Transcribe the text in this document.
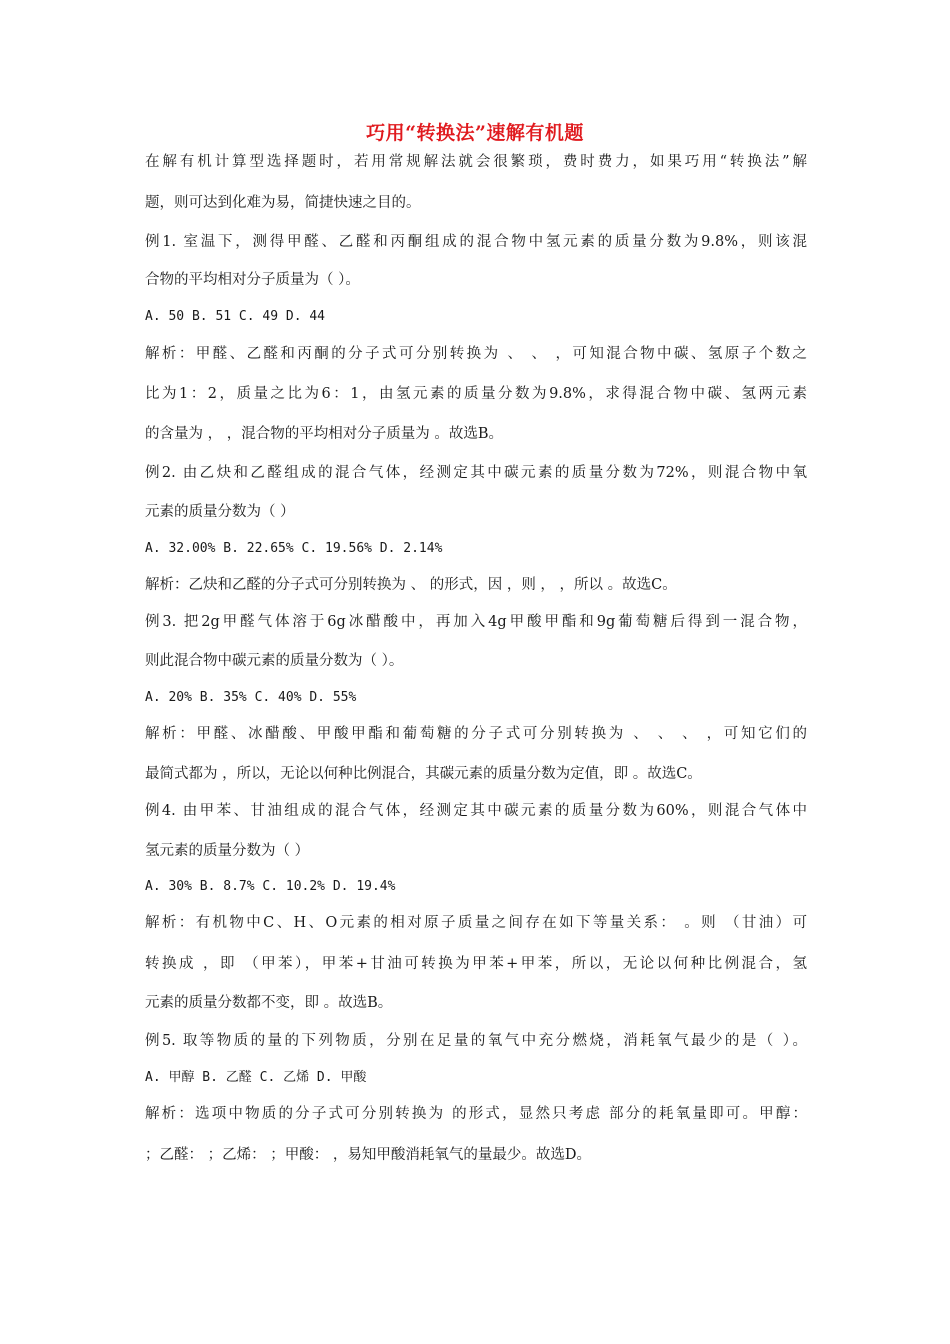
巧用“转换法”速解有机题
在解有机计算型选择题时，若用常规解法就会很繁琐，费时费力，如果巧用“转换法”解
题，则可达到化难为易，简捷快速之目的。
例1. 室温下，测得甲醛、乙醛和丙酮组成的混合物中氢元素的质量分数为9.8%，则该混
合物的平均相对分子质量为（ ）。
A. 50 B. 51 C. 49 D. 44
解析：甲醛、乙醛和丙酮的分子式可分别转换为 、 、 ，可知混合物中碳、氢原子个数之
比为1：2，质量之比为6：1，由氢元素的质量分数为9.8%，求得混合物中碳、氢两元素
的含量为 ， ，混合物的平均相对分子质量为 。故选B。
例2. 由乙炔和乙醛组成的混合气体，经测定其中碳元素的质量分数为72%，则混合物中氧
元素的质量分数为（ ）
A. 32.00% B. 22.65% C. 19.56% D. 2.14%
解析：乙炔和乙醛的分子式可分别转换为 、 的形式，因 ，则 ， ，所以 。故选C。
例3. 把2g甲醛气体溶于6g冰醋酸中，再加入4g甲酸甲酯和9g葡萄糖后得到一混合物，
则此混合物中碳元素的质量分数为（ ）。
A. 20% B. 35% C. 40% D. 55%
解析：甲醛、冰醋酸、甲酸甲酯和葡萄糖的分子式可分别转换为 、 、 、 ，可知它们的
最简式都为 ，所以，无论以何种比例混合，其碳元素的质量分数为定值，即 。故选C。
例4. 由甲苯、甘油组成的混合气体，经测定其中碳元素的质量分数为60%，则混合气体中
氢元素的质量分数为（ ）
A. 30% B. 8.7% C. 10.2% D. 19.4%
解析：有机物中C、H、O元素的相对原子质量之间存在如下等量关系： 。则 （甘油）可
转换成 ，即 （甲苯），甲苯+甘油可转换为甲苯+甲苯，所以，无论以何种比例混合，氢
元素的质量分数都不变，即 。故选B。
例5. 取等物质的量的下列物质，分别在足量的氧气中充分燃烧，消耗氧气最少的是（ ）。
A. 甲醇 B. 乙醛 C. 乙烯 D. 甲酸
解析：选项中物质的分子式可分别转换为 的形式，显然只考虑 部分的耗氧量即可。甲醇：
；乙醛： ；乙烯： ；甲酸： ，易知甲酸消耗氧气的量最少。故选D。
